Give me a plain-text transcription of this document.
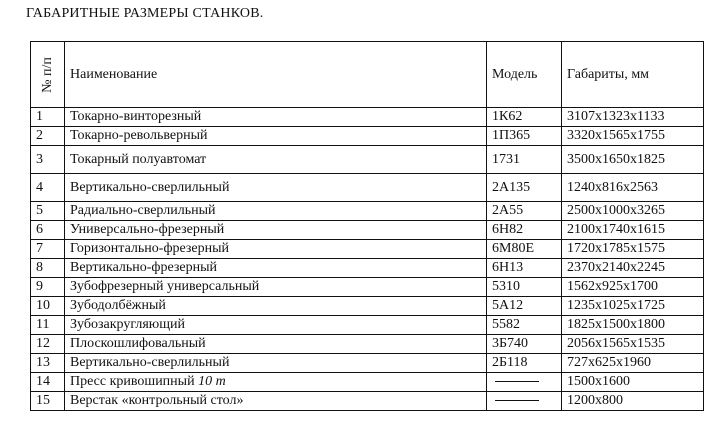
ГАБАРИТНЫЕ РАЗМЕРЫ СТАНКОВ.
№ п/п	Наименование	Модель	Габариты, мм
1	Токарно-винторезный	1К62	3107x1323x1133
2	Токарно-револьверный	1П365	3320x1565x1755
3	Токарный полуавтомат	1731	3500x1650x1825
4	Вертикально-сверлильный	2А135	1240x816x2563
5	Радиально-сверлильный	2А55	2500x1000x3265
6	Универсально-фрезерный	6Н82	2100x1740x1615
7	Горизонтально-фрезерный	6М80Е	1720x1785x1575
8	Вертикально-фрезерный	6Н13	2370x2140x2245
9	Зубофрезерный универсальный	5310	1562x925x1700
10	Зубодолбёжный	5А12	1235x1025x1725
11	Зубозакругляющий	5582	1825x1500x1800
12	Плоскошлифовальный	3Б740	2056x1565x1535
13	Вертикально-сверлильный	2Б118	727x625x1960
14	Пресс кривошипный 10 т		1500x1600
15	Верстак «контрольный стол»		1200x800
